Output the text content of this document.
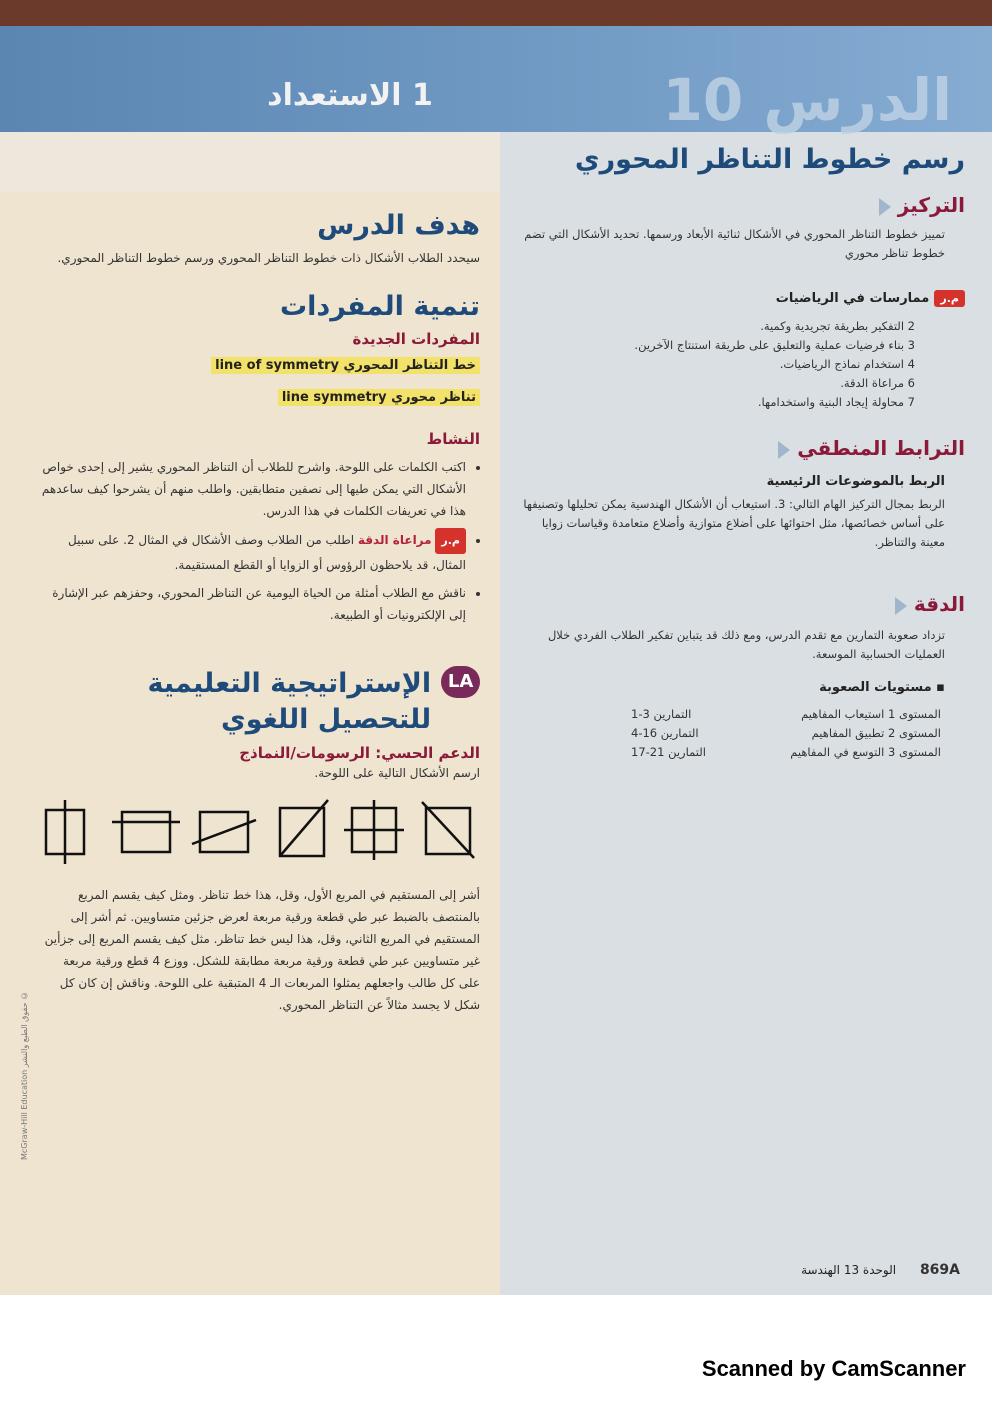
1 الاستعداد	الدرس 10
رسم خطوط التناظر المحوري
التركيز

تمييز خطوط التناظر المحوري في الأشكال ثنائية الأبعاد ورسمها. تحديد الأشكال التي تضم خطوط تناظر محوري

م.ر ممارسات في الرياضيات

2 التفكير بطريقة تجريدية وكمية.

3 بناء فرضيات عملية والتعليق على طريقة استنتاج الآخرين.

4 استخدام نماذج الرياضيات.

6 مراعاة الدقة.

7 محاولة إيجاد البنية واستخدامها.

الترابط المنطقي

الربط بالموضوعات الرئيسية

الربط بمجال التركيز الهام التالي: 3. استيعاب أن الأشكال الهندسية يمكن تحليلها وتصنيفها على أساس خصائصها، مثل احتوائها على أضلاع متوازية وأضلاع متعامدة وقياسات زوايا معينة والتناظر.

الدقة

تزداد صعوبة التمارين مع تقدم الدرس، ومع ذلك قد يتباين تفكير الطلاب الفردي خلال العمليات الحسابية الموسعة.

▪ مستويات الصعوبة

المستوى 1 استيعاب المفاهيم
التمارين 3-1
المستوى 2 تطبيق المفاهيم
التمارين 16-4
المستوى 3 التوسع في المفاهيم
التمارين 21-17
هدف الدرس

سيحدد الطلاب الأشكال ذات خطوط التناظر المحوري ورسم خطوط التناظر المحوري.

تنمية المفردات

المفردات الجديدة

خط التناظر المحوري line of symmetry
تناظر محوري line symmetry

النشاط

• اكتب الكلمات على اللوحة. واشرح للطلاب أن التناظر المحوري يشير إلى إحدى خواص الأشكال التي يمكن طيها إلى نصفين متطابقين. واطلب منهم أن يشرحوا كيف ساعدهم هذا في تعريفات الكلمات في هذا الدرس.
• م.ر مراعاة الدقة اطلب من الطلاب وصف الأشكال في المثال 2. على سبيل المثال، قد يلاحظون الرؤوس أو الزوايا أو القطع المستقيمة.
• ناقش مع الطلاب أمثلة من الحياة اليومية عن التناظر المحوري، وحفزهم عبر الإشارة إلى الإلكترونيات أو الطبيعة.
LA
الإستراتيجية التعليمية للتحصيل اللغوي

الدعم الحسي: الرسومات/النماذج

ارسم الأشكال التالية على اللوحة.

أشر إلى المستقيم في المربع الأول، وقل، هذا خط تناظر. ومثل كيف يقسم المربع بالمنتصف بالضبط عبر طي قطعة ورقية مربعة لعرض جزئين متساويين. ثم أشر إلى المستقيم في المربع الثاني، وقل، هذا ليس خط تناظر. مثل كيف يقسم المربع إلى جزأين غير متساويين عبر طي قطعة ورقية مربعة مطابقة للشكل. ووزع 4 قطع ورقية مربعة على كل طالب واجعلهم يمثلوا المربعات الـ 4 المتبقية على اللوحة. وناقش إن كان كل شكل لا يجسد مثالاً عن التناظر المحوري.

McGraw-Hill Education حقوق الطبع والنشر ©
869A الوحدة 13 الهندسة
Scanned by CamScanner
